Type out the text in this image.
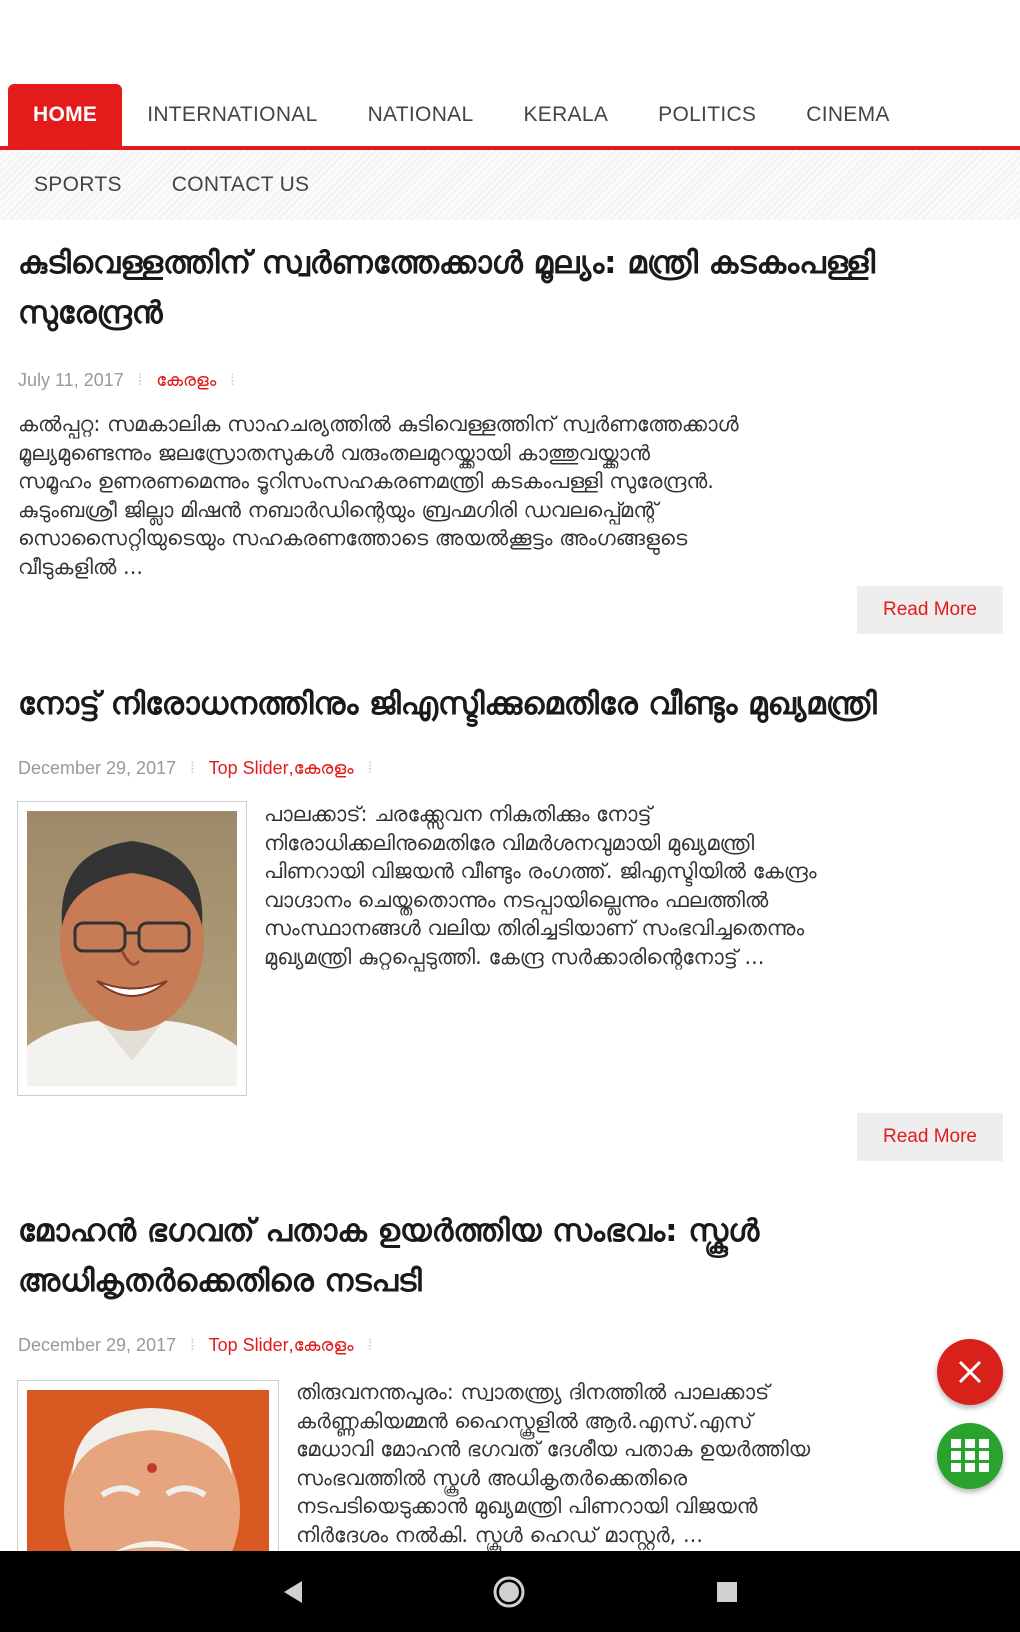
HOME	INTERNATIONAL	NATIONAL	KERALA	POLITICS	CINEMA
SPORTS	CONTACT US
കുടിവെള്ളത്തിന് സ്വർണത്തേക്കാൾ മൂല്യം: മന്ത്രി കടകംപള്ളി
സുരേന്ദ്രൻ
July 11, 2017 ⁞ കേരളം ⁞
കൽപ്പറ്റ: സമകാലിക സാഹചര്യത്തിൽ കുടിവെള്ളത്തിന് സ്വർണത്തേക്കാൾ
മൂല്യമുണ്ടെന്നും ജലസ്രോതസുകൾ വരുംതലമുറയ്ക്കായി കാത്തുവയ്ക്കാൻ
സമൂഹം ഉണരണമെന്നും ടൂറിസംസഹകരണമന്ത്രി കടകംപള്ളി സുരേന്ദ്രൻ.
കുടുംബശ്രീ ജില്ലാ മിഷൻ നബാർഡിന്റെയും ബ്രഹ്മഗിരി ഡവലപ്പ്മെന്റ്
സൊസൈറ്റിയുടെയും സഹകരണത്തോടെ അയൽക്കൂട്ടം അംഗങ്ങളുടെ
വീടുകളിൽ ...
Read More
നോട്ട് നിരോധനത്തിനും ജിഎസ്ടിക്കുമെതിരേ വീണ്ടും മുഖ്യമന്ത്രി
December 29, 2017 ⁞ Top Slider , കേരളം ⁞
പാലക്കാട്: ചരക്ക്സേവന നികുതിക്കും നോട്ട്
നിരോധിക്കലിനുമെതിരേ വിമർശനവുമായി മുഖ്യമന്ത്രി
പിണറായി വിജയൻ വീണ്ടും രംഗത്ത്. ജിഎസ്ടിയിൽ കേന്ദ്രം
വാഗ്ദാനം ചെയ്തതൊന്നും നടപ്പായില്ലെന്നും ഫലത്തിൽ
സംസ്ഥാനങ്ങൾ വലിയ തിരിച്ചടിയാണ് സംഭവിച്ചതെന്നും
മുഖ്യമന്ത്രി കുറ്റപ്പെടുത്തി. കേന്ദ്ര സർക്കാരിന്റെനോട്ട് ...
Read More
മോഹൻ ഭഗവത് പതാക ഉയർത്തിയ സംഭവം: സ്കൂൾ
അധികൃതർക്കെതിരെ നടപടി
December 29, 2017 ⁞ Top Slider , കേരളം ⁞
തിരുവനന്തപുരം: സ്വാതന്ത്ര്യ ദിനത്തിൽ പാലക്കാട്
കർണ്ണകിയമ്മൻ ഹൈസ്കൂളിൽ ആർ.എസ്.എസ്
മേധാവി മോഹൻ ഭഗവത് ദേശീയ പതാക ഉയർത്തിയ
സംഭവത്തിൽ സ്കൂൾ അധികൃതർക്കെതിരെ
നടപടിയെടുക്കാൻ മുഖ്യമന്ത്രി പിണറായി വിജയൻ
നിർദേശം നൽകി. സ്കൂൾ ഹെഡ് മാസ്റ്റർ, ...
